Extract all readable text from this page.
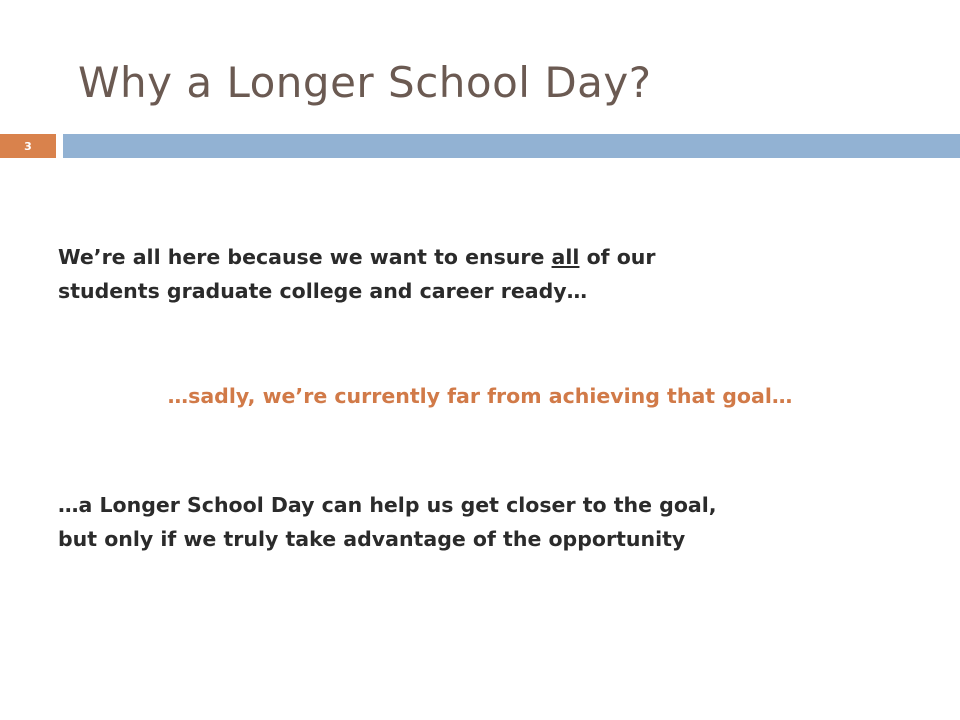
Why a Longer School Day?
3

We’re all here because we want to ensure all of our
students graduate college and career ready…

…sadly, we’re currently far from achieving that goal…

…a Longer School Day can help us get closer to the goal,
but only if we truly take advantage of the opportunity
